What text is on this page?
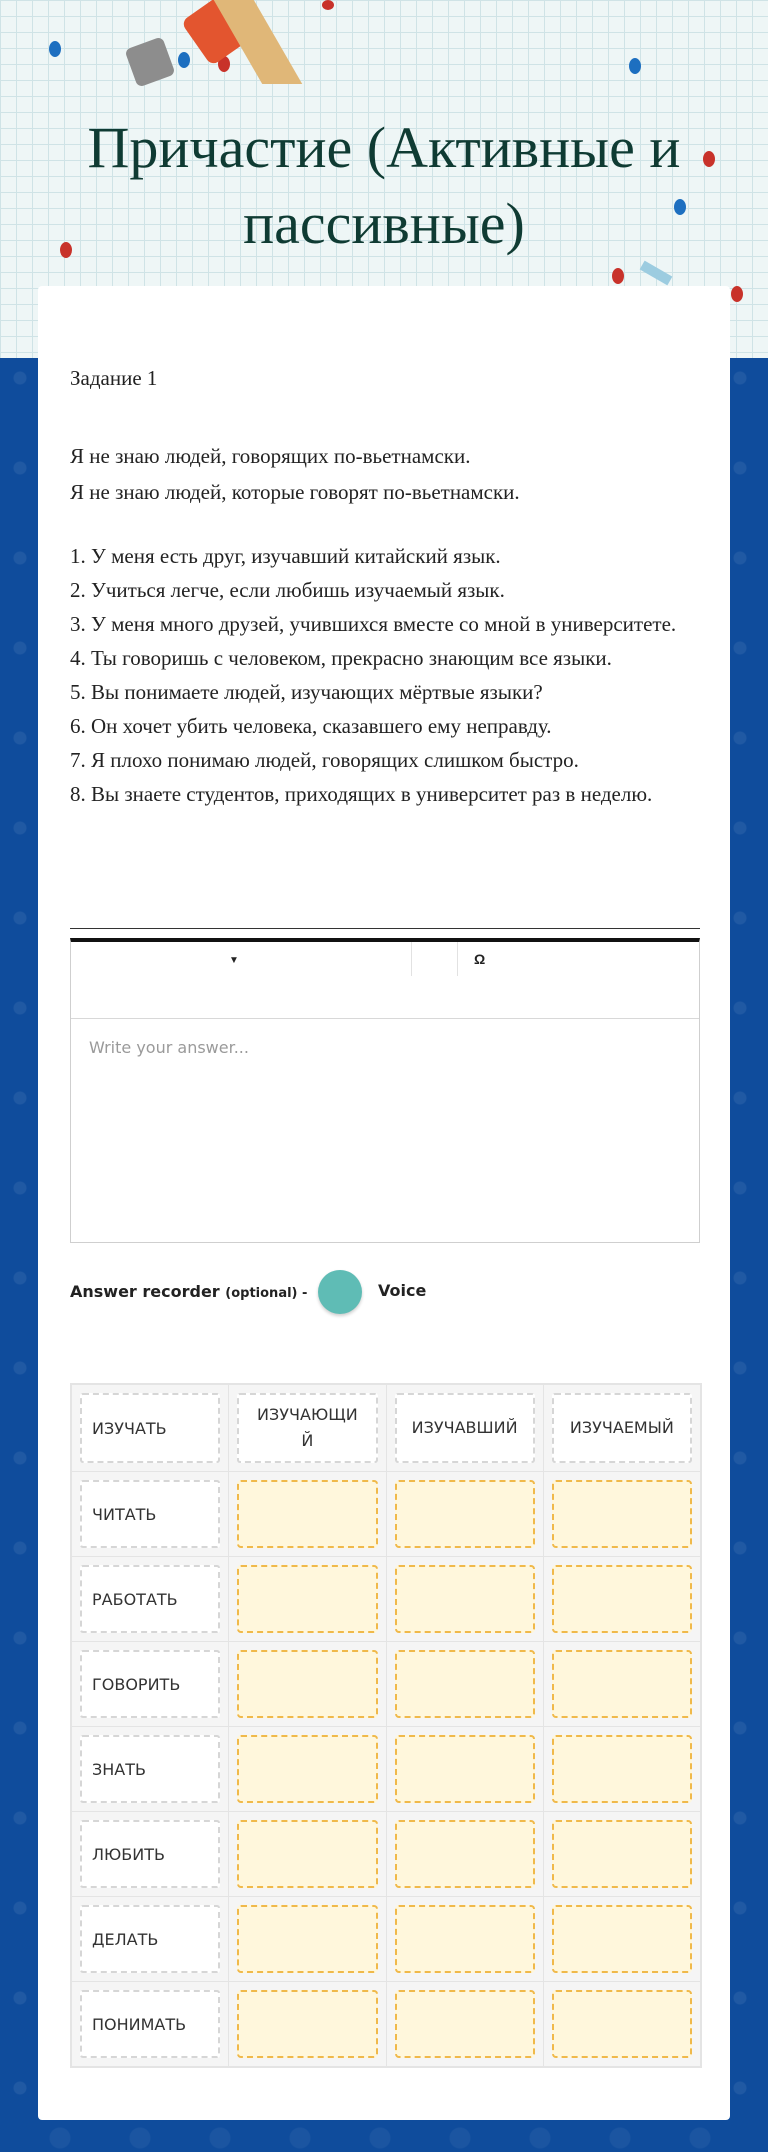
Причастие (Активные и пассивные)
Задание 1
Я не знаю людей, говорящих по-вьетнамски.
Я не знаю людей, которые говорят по-вьетнамски.

1. У меня есть друг, изучавший китайский язык.

2. Учиться легче, если любишь изучаемый язык.

3. У меня много друзей, учившихся вместе со мной в университете.

4. Ты говоришь с человеком, прекрасно знающим все языки.

5. Вы понимаете людей, изучающих мёртвые языки?

6. Он хочет убить человека, сказавшего ему неправду.

7. Я плохо понимаю людей, говорящих слишком быстро.

8. Вы знаете студентов, приходящих в университет раз в неделю.

▼	Ω
Write your answer...
Answer recorder (optional) -	Voice
ИЗУЧАТЬ	ИЗУЧАЮЩИ Й	ИЗУЧАВШИЙ	ИЗУЧАЕМЫЙ

ЧИТАТЬ			

РАБОТАТЬ			

ГОВОРИТЬ			

ЗНАТЬ			

ЛЮБИТЬ			

ДЕЛАТЬ			

ПОНИМАТЬ			
